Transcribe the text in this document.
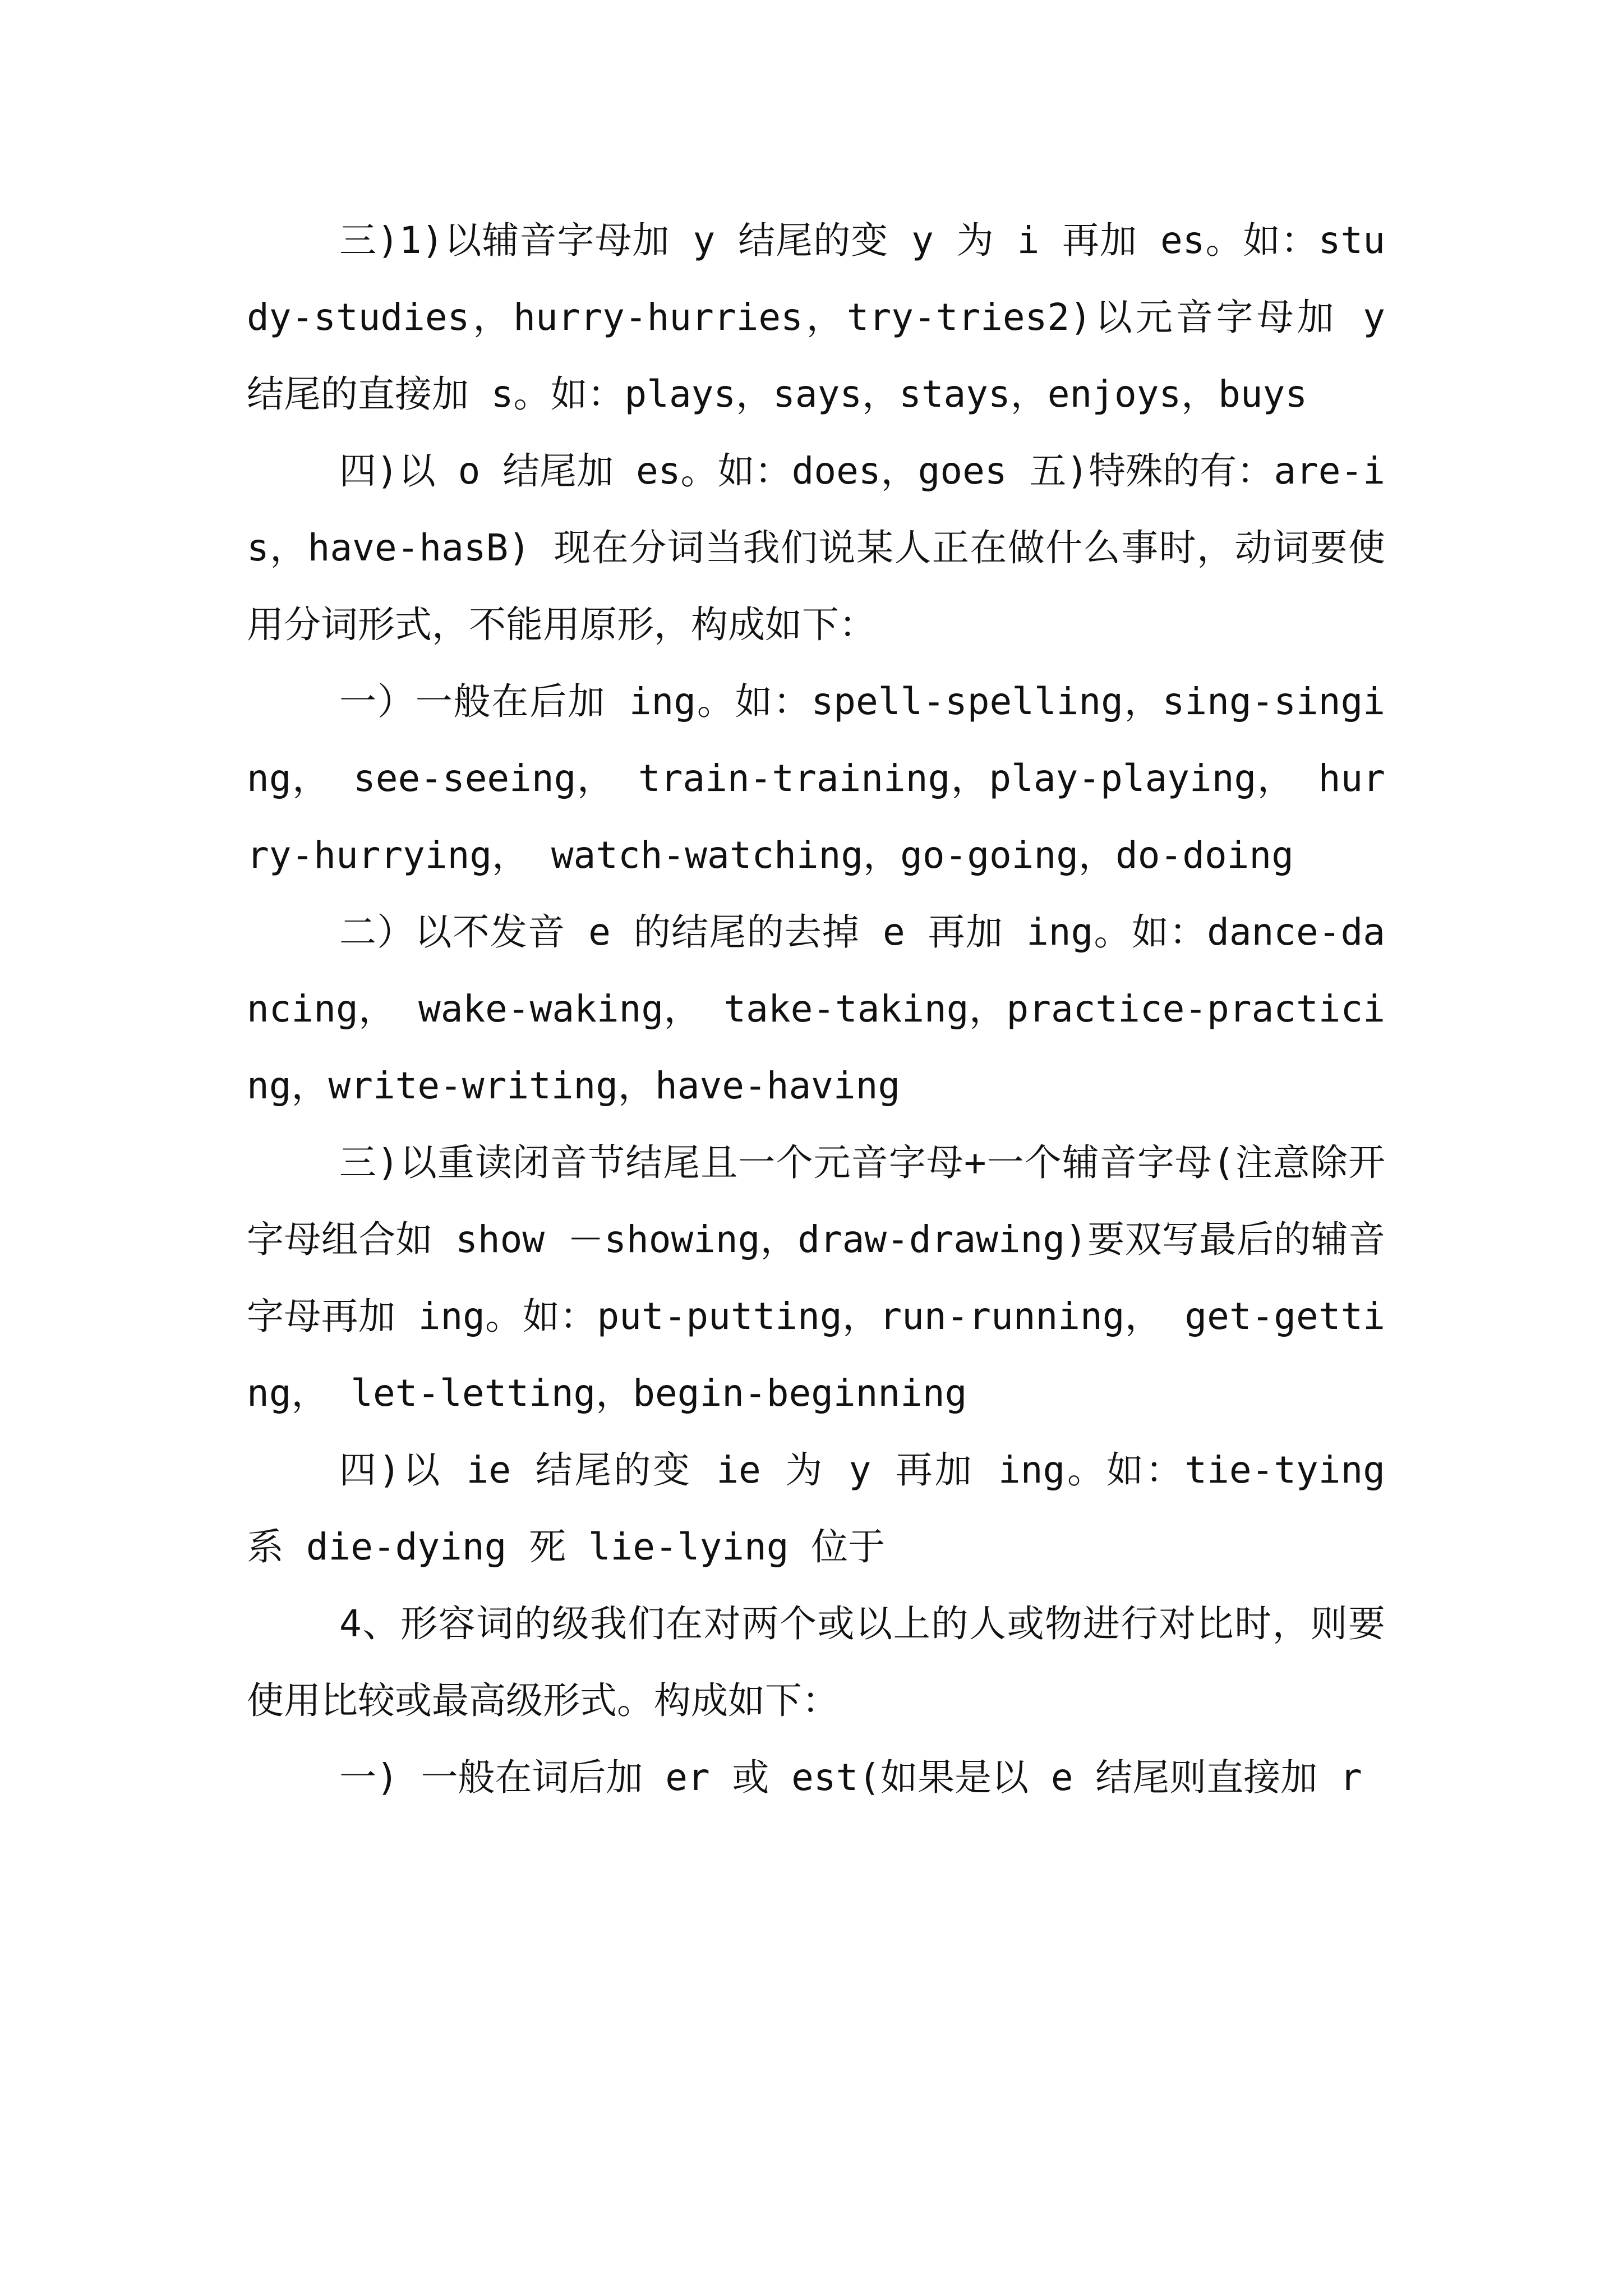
三)1)以辅音字母加 y 结尾的变 y 为 i 再加 es。如：study-studies，hurry-hurries，try-tries2)以元音字母加 y 结尾的直接加 s。如：plays，says，stays，enjoys，buys

四)以 o 结尾加 es。如：does，goes 五)特殊的有：are-is，have-hasB) 现在分词当我们说某人正在做什么事时，动词要使用分词形式，不能用原形，构成如下：

一）一般在后加 ing。如：spell-spelling，sing-singing， see-seeing， train-training，play-playing， hurry-hurrying， watch-watching，go-going，do-doing

二）以不发音 e 的结尾的去掉 e 再加 ing。如：dance-dancing， wake-waking， take-taking，practice-practicing，write-writing，have-having

三)以重读闭音节结尾且一个元音字母+一个辅音字母(注意除开字母组合如 show －showing，draw-drawing)要双写最后的辅音字母再加 ing。如：put-putting，run-running， get-getting， let-letting，begin-beginning

四)以 ie 结尾的变 ie 为 y 再加 ing。如：tie-tying 系 die-dying 死 lie-lying 位于

4、形容词的级我们在对两个或以上的人或物进行对比时，则要使用比较或最高级形式。构成如下：

一) 一般在词后加 er 或 est(如果是以 e 结尾则直接加 r
